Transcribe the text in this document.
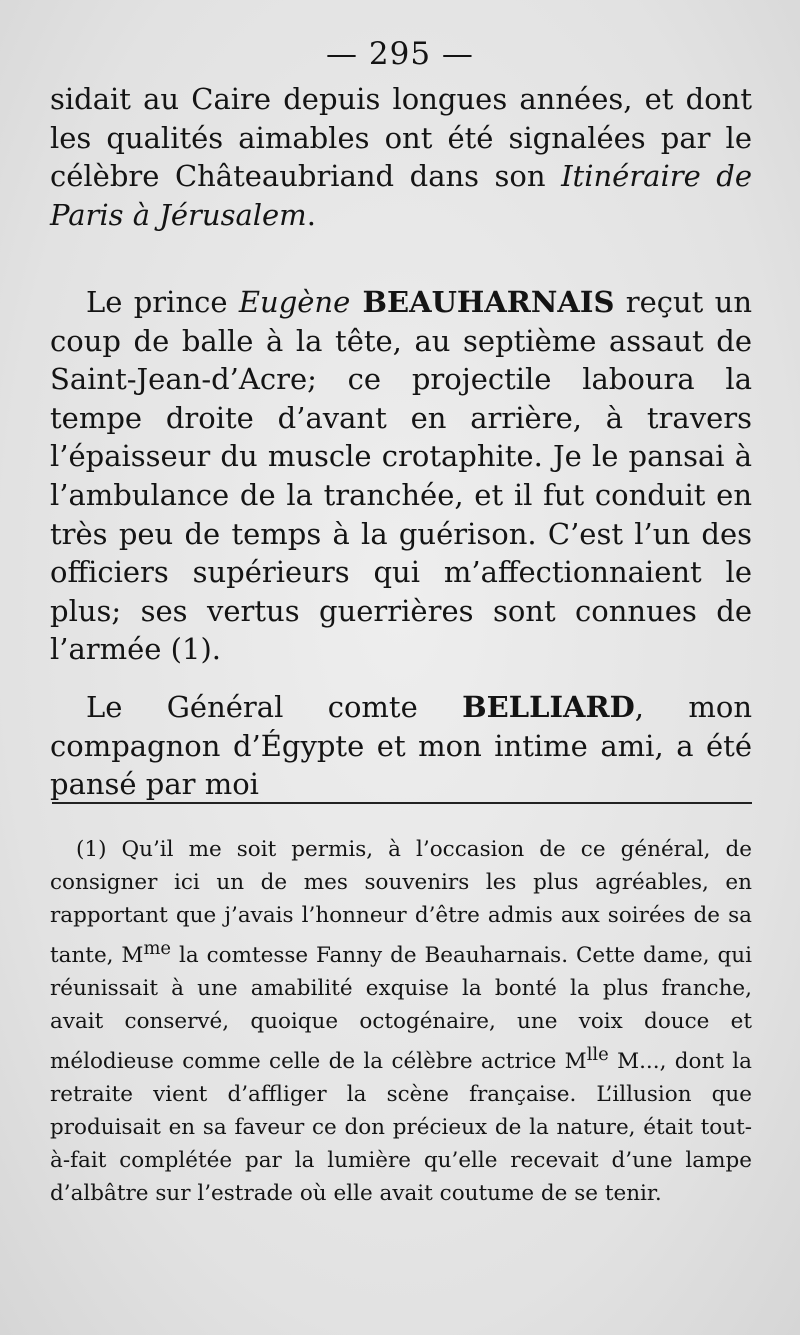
— 295 —

sidait au Caire depuis longues années, et dont les qualités aimables ont été signalées par le célèbre Châteaubriand dans son Itinéraire de Paris à Jérusalem.

Le prince Eugène BEAUHARNAIS reçut un coup de balle à la tête, au septième assaut de Saint-Jean-d’Acre; ce projectile laboura la tempe droite d’avant en arrière, à travers l’épaisseur du muscle crotaphite. Je le pansai à l’ambulance de la tranchée, et il fut conduit en très peu de temps à la guérison. C’est l’un des officiers supérieurs qui m’affectionnaient le plus; ses vertus guerrières sont connues de l’armée (1).

Le Général comte BELLIARD, mon compagnon d’Égypte et mon intime ami, a été pansé par moi

(1) Qu’il me soit permis, à l’occasion de ce général, de consigner ici un de mes souvenirs les plus agréables, en rapportant que j’avais l’honneur d’être admis aux soirées de sa tante, $M^{me}$ la comtesse Fanny de Beauharnais. Cette dame, qui réunissait à une amabilité exquise la bonté la plus franche, avait conservé, quoique octogénaire, une voix douce et mélodieuse comme celle de la célèbre actrice $M^{lle}$ M..., dont la retraite vient d’affliger la scène française. L’illusion que produisait en sa faveur ce don précieux de la nature, était tout-à-fait complétée par la lumière qu’elle recevait d’une lampe d’albâtre sur l’estrade où elle avait coutume de se tenir.
